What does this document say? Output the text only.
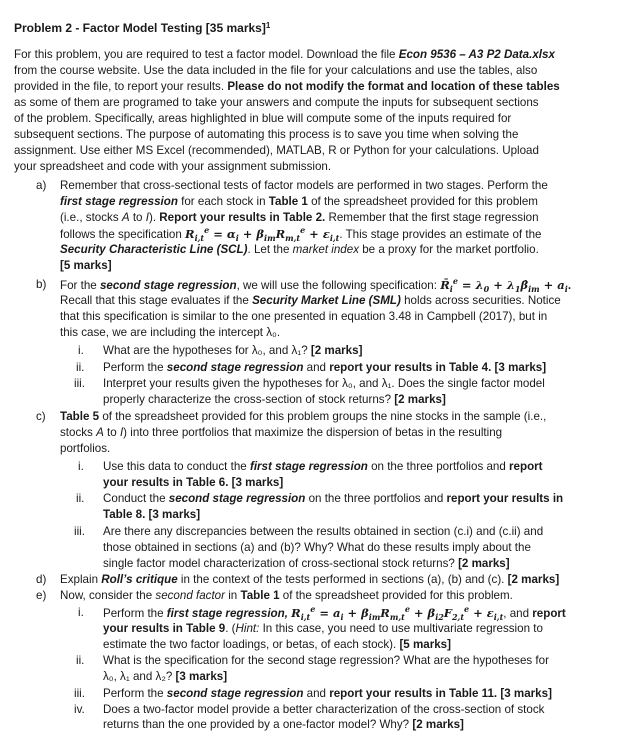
Problem 2 - Factor Model Testing [35 marks]$^1$
For this problem, you are required to test a factor model. Download the file Econ 9536 – A3 P2 Data.xlsx
from the course website. Use the data included in the file for your calculations and use the tables, also
provided in the file, to report your results. Please do not modify the format and location of these tables
as some of them are programed to take your answers and compute the inputs for subsequent sections
of the problem. Specifically, areas highlighted in blue will compute some of the inputs required for
subsequent sections. The purpose of automating this process is to save you time when solving the
assignment. Use either MS Excel (recommended), MATLAB, R or Python for your calculations. Upload
your spreadsheet and code with your assignment submission.
a) Remember that cross-sectional tests of factor models are performed in two stages. Perform the
first stage regression for each stock in Table 1 of the spreadsheet provided for this problem
(i.e., stocks A to I). Report your results in Table 2. Remember that the first stage regression
follows the specification $R_{i,t}^e = \alpha_i + \beta_{im}R_{m,t}^e + \varepsilon_{i,t}$. This stage provides an estimate of the
Security Characteristic Line (SCL). Let the market index be a proxy for the market portfolio.
[5 marks]
b) For the second stage regression, we will use the following specification: $R̄_i^e = \lambda_0$ + $\lambda_1\betâ_{im} + a_i$.
Recall that this stage evaluates if the Security Market Line (SML) holds across securities. Notice
that this specification is similar to the one presented in equation 3.48 in Campbell (2017), but in
this case, we are including the intercept λ₀.
i. What are the hypotheses for λ₀, and λ₁? [2 marks]
ii. Perform the second stage regression and report your results in Table 4. [3 marks]
iii. Interpret your results given the hypotheses for λ₀, and λ₁. Does the single factor model
properly characterize the cross-section of stock returns? [2 marks]
c) Table 5 of the spreadsheet provided for this problem groups the nine stocks in the sample (i.e.,
stocks A to I) into three portfolios that maximize the dispersion of betas in the resulting
portfolios.
i. Use this data to conduct the first stage regression on the three portfolios and report
your results in Table 6. [3 marks]
ii. Conduct the second stage regression on the three portfolios and report your results in
Table 8. [3 marks]
iii. Are there any discrepancies between the results obtained in section (c.i) and (c.ii) and
those obtained in sections (a) and (b)? Why? What do these results imply about the
single factor model characterization of cross-sectional stock returns? [2 marks]
d) Explain Roll’s critique in the context of the tests performed in sections (a), (b) and (c). [2 marks]
e) Now, consider the second factor in Table 1 of the spreadsheet provided for this problem.
i. Perform the first stage regression, $R_{i,t}^e = a_i + \beta_{im}R_{m,t}^e + \beta_{i2}F_{2,t}^e + \varepsilon_{i,t}$, and report
your results in Table 9. (Hint: In this case, you need to use multivariate regression to
estimate the two factor loadings, or betas, of each stock). [5 marks]
ii. What is the specification for the second stage regression? What are the hypotheses for
λ₀, λ₁ and λ₂? [3 marks]
iii. Perform the second stage regression and report your results in Table 11. [3 marks]
iv. Does a two-factor model provide a better characterization of the cross-section of stock
returns than the one provided by a one-factor model? Why? [2 marks]
